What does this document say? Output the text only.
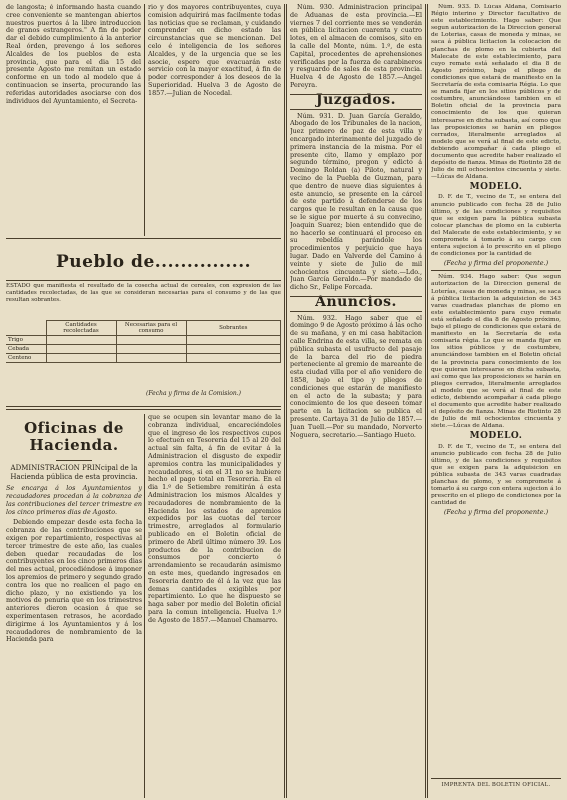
de langosta; é informando hasta cuando cree conveniente se mantengan abiertos nuestros puertos á la libre introduccion de granos estrangeros." A fin de poder dar el debido cumplimiento á la anterior Real órden, prevengo á los señores Alcaldes de los pueblos de esta provincia, que para el dia 15 del presente Agosto me remitan un estado conforme en un todo al modelo que á continuacion se inserta, procurando las referidas autoridades asociarse con dos individuos del Ayuntamiento, el Secreta-

rio y dos mayores contribuyentes, cuya comision adquirirá mas facilmente todas las noticias que se reclaman, y cuidando comprender en dicho estado las circunstancias que se mencionan. Del celo é inteligencia de los señores Alcaldes, y de la urgencia que se les asocie, espero que evacuarán este servicio con la mayor exactitud, á fin de poder corresponder á los deseos de la Superioridad. Huelva 3 de Agosto de 1857.—Julian de Nocedal.

Pueblo de...............
ESTADO que manifiesta el resultado de la cosecha actual de cereales, con expresion de las cantidades recolectadas, de las que se consideran necesarias para el consumo y de las que resultan sobrantes.
	Cantidades recolectadas	Necesarias para el consumo	Sobrantes
Trigo			
Cebada			
Centeno			
(Fecha y firma de la Comision.)
Oficinas de Hacienda.
ADMINISTRACION PRINcipal de la Hacienda pública de esta provincia.
Se encarga á los Ayuntamientos y recaudadores procedan á la cobranza de las contribuciones del tercer trimestre en los cinco primeros dias de Agosto.

Debiendo empezar desde esta fecha la cobranza de las contribuciones que se exigen por repartimiento, respectivas al tercer trimestre de este año, las cuales deben quedar recaudadas de los contribuyentes en los cinco primeros dias del mes actual, procediéndose á imponer los apremios de primero y segundo grado contra los que no realicen el pago en dicho plazo, y no existiendo ya los motivos de penuria que en los trimestres anteriores dieron ocasion á que se experimentasen retrasos, he acordado dirigirme á los Ayuntamientos y á los recaudadores de nombramiento de la Hacienda para

que se ocupen sin levantar mano de la cobranza individual, encareciéndoles que el ingreso de los respectivos cupos lo efectuen en Tesoreria del 15 al 20 del actual sin falta, á fin de evitar á la Administracion el disgusto de expedir apremios contra las municipalidades y recaudadores, si en el 31 no se hubiere hecho el pago total en Tesoreria. En el dia 1.º de Setiembre remitirán á esta Administracion los mismos Alcaldes y recaudadores de nombramiento de la Hacienda los estados de apremios expedidos por las cuotas del tercer trimestre, arreglados al formulario publicado en el Boletin oficial de primero de Abril último número 39. Los productos de la contribucion de consumos por concierto ó arrendamiento se recaudarán asimismo en este mes, quedando ingresados en Tesoreria dentro de él á la vez que las demas cantidades exigibles por repartimiento. Lo que he dispuesto se haga saber por medio del Boletin oficial para la comun inteligencia. Huelva 1.º de Agosto de 1857.—Manuel Chamarro.

Núm. 930. Administracion principal de Aduanas de esta provincia.—El viernes 7 del corriente mes se venderán en pública licitacion cuarenta y cuatro lotes, en el almacen de comisos, sito en la calle del Monte, núm. 1.º, de esta Capital, procedentes de aprehensiones verificadas por la fuerza de carabineros y resguardo de sales de esta provincia. Huelva 4 de Agosto de 1857.—Angel Pereyra.

Juzgados.

Núm. 931. D. Juan García Geraldo, Abogado de los Tribunales de la nacion, Juez primero de paz de esta villa y encargado interinamente del juzgado de primera instancia de la misma. Por el presente cito, llamo y emplazo por segundo término, pregon y edicto á Domingo Roldan (a) Piloto, natural y vecino de la Puebla de Guzman, para que dentro de nueve dias siguientes á este anuncio, se presente en la cárcel de este partido á defenderse de los cargos que le resultan en la causa que se le sigue por muerte á su convecino, Joaquin Suarez; bien entendido que de no hacerlo se continuará el proceso en su rebeldía parándole los procedimientos y perjuicio que haya lugar. Dado en Valverde del Camino á veinte y siete de Julio de mil ochocientos cincuenta y siete.—Ldo., Juan García Geraldo.—Por mandado de dicho Sr., Felipe Forcada.

Anuncios.

Núm. 932. Hago saber que el domingo 9 de Agosto próximo á las ocho de su mañana, y en mi casa habitacion calle Endrina de esta villa, se remata en pública subasta el usufructo del pasaje de la barca del rio de piedra perteneciente al gremio de mareante de esta ciudad villa por el año venidero de 1858, bajo el tipo y pliegos de condiciones que estarán de manifiesto en el acto de la subasta; y para conocimiento de los que deseen tomar parte en la licitacion se publica el presente. Cartaya 31 de Julio de 1857.—Juan Tuell.—Por su mandado, Norverto Noguera, secretario.—Santiago Hueto.

Núm. 933. D. Lúcas Aldana, Comisario Régio interino y Director facultativo de este establecimiento. Hago saber: Que segun autorizacion de la Direccion general de Loterias, casas de moneda y minas, se saca á pública licitacion la colocacion de planchas de plomo en la cubierta del Malecate de este establecimiento, para cuyo remate está señalado el dia 8 de Agosto próximo, bajo el pliego de condiciones que estará de manifiesto en la Secretaría de esta comisaria Régia. Lo que se manda fijar en los sitios públicos y de costumbre, anunciándose tambien en el Boletin oficial de la provincia para conocimiento de los que quieran interesarse en dicha subasta, así como que las proposiciones se harán en pliegos cerrados, literalmente arreglados al modelo que se verá al final de este edicto, debiendo acompañar á cada pliego el documento que acredite haber realizado el depósito de fianza. Minas de Riotinto 28 de Julio de mil ochocientos cincuenta y siete.—Lúcas de Aldana.

MODELO.

D. F. de T., vecino de T., se entera del anuncio publicado con fecha 28 de Julio último, y de las condiciones y requisitos que se exigen para la pública subasta colocar planchas de plomo en la cubierta del Malecate de este establecimiento, y se compromete á tomarlo á su cargo con entera sujecion á lo prescrito en el pliego de condiciones por la cantidad de

(Fecha y firma del proponente.)

Núm. 934. Hago saber: Que segun autorizacion de la Direccion general de Loterías, casas de moneda y minas, se saca á pública licitacion la adquisicion de 343 varas cuadradas planchas de plomo en este establecimiento para cuyo remate está señalado el dia 8 de Agosto próximo, bajo el pliego de condiciones que estará de manifiesto en la Secretaría de esta comisaria régia. Lo que se manda fijar en los sitios públicos y de costumbre, anunciándose tambien en el Boletin oficial de la provincia para conocimiento de los que quieran interesarse en dicha subasta, así como que las proposiciones se harán en pliegos cerrados, literalmente arreglados al modelo que se verá al final de este edicto, debiendo acompañar á cada pliego el documento que acredite haber realizado el depósito de fianza. Minas de Riotinto 28 de Julio de mil ochocientos cincuenta y siete.—Lúcas de Aldana.

MODELO.

D. F. de T., vecino de T., se entera del anuncio publicado con fecha 28 de Julio último, y de las condiciones y requisitos que se exigen para la adquisicion en pública subasta de 343 varas cuadradas planchas de plomo, y se compromete á tomarlo á su cargo con entera sujecion á lo prescrito en el pliego de condiciones por la cantidad de

(Fecha y firma del proponente.)
IMPRENTA DEL BOLETIN OFICIAL.
